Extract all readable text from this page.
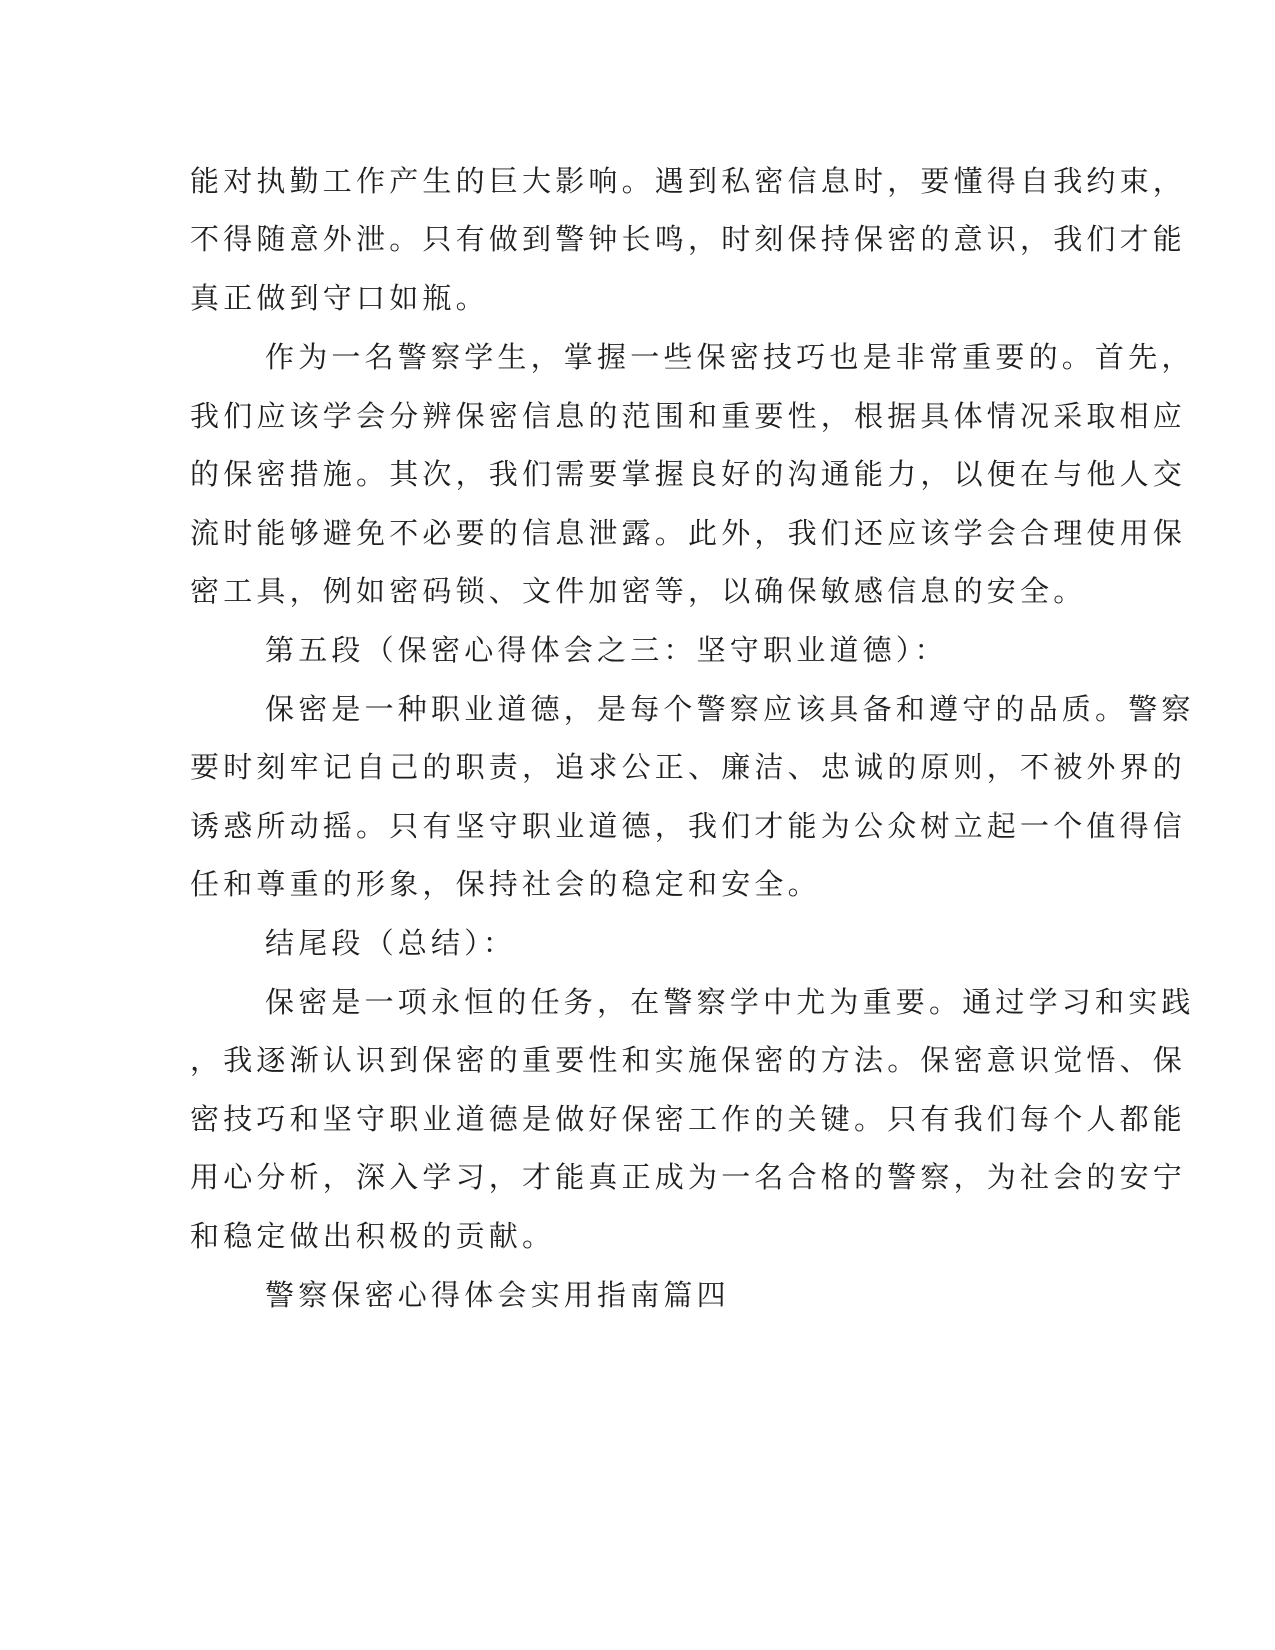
能对执勤工作产生的巨大影响。遇到私密信息时，要懂得自我约束，
不得随意外泄。只有做到警钟长鸣，时刻保持保密的意识，我们才能
真正做到守口如瓶。
作为一名警察学生，掌握一些保密技巧也是非常重要的。首先，
我们应该学会分辨保密信息的范围和重要性，根据具体情况采取相应
的保密措施。其次，我们需要掌握良好的沟通能力，以便在与他人交
流时能够避免不必要的信息泄露。此外，我们还应该学会合理使用保
密工具，例如密码锁、文件加密等，以确保敏感信息的安全。
第五段（保密心得体会之三：坚守职业道德）：
保密是一种职业道德，是每个警察应该具备和遵守的品质。警察
要时刻牢记自己的职责，追求公正、廉洁、忠诚的原则，不被外界的
诱惑所动摇。只有坚守职业道德，我们才能为公众树立起一个值得信
任和尊重的形象，保持社会的稳定和安全。
结尾段（总结）：
保密是一项永恒的任务，在警察学中尤为重要。通过学习和实践
，我逐渐认识到保密的重要性和实施保密的方法。保密意识觉悟、保
密技巧和坚守职业道德是做好保密工作的关键。只有我们每个人都能
用心分析，深入学习，才能真正成为一名合格的警察，为社会的安宁
和稳定做出积极的贡献。
警察保密心得体会实用指南篇四
